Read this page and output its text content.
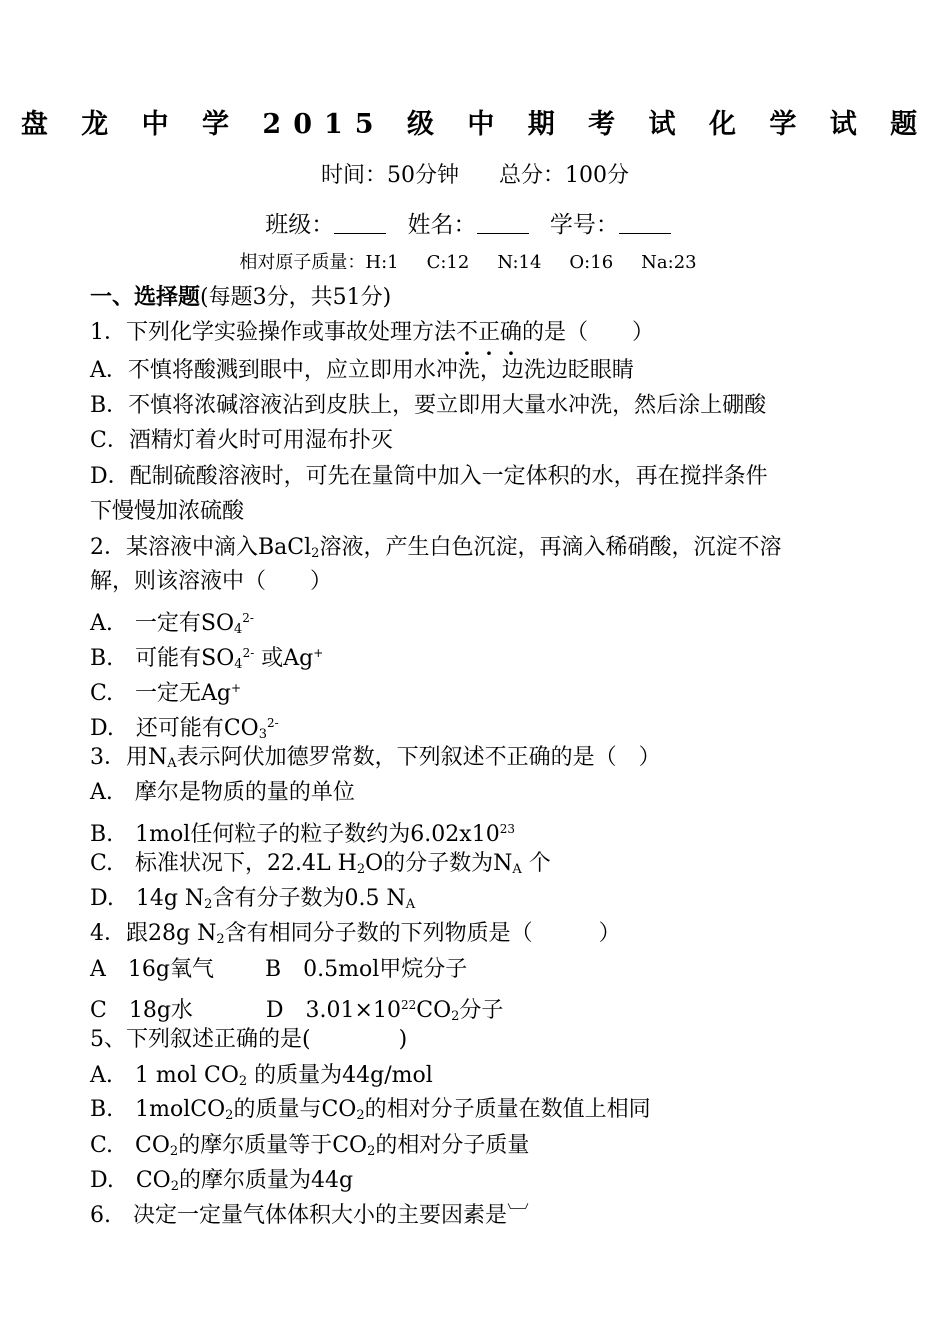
盘 龙 中 学 2015 级 中 期 考 试 化 学 试 题
时间：50分钟 总分：100分
班级：	姓名：	学号：
相对原子质量：H:1 C:12 N:14 O:16 Na:23
一、选择题(每题3分，共51分)
1．下列化学实验操作或事故处理方法不正确的是（　　）
A．不慎将酸溅到眼中，应立即用水冲洗，边洗边眨眼睛
B．不慎将浓碱溶液沾到皮肤上，要立即用大量水冲洗，然后涂上硼酸
C．酒精灯着火时可用湿布扑灭
D．配制硫酸溶液时，可先在量筒中加入一定体积的水，再在搅拌条件
下慢慢加浓硫酸
2．某溶液中滴入BaCl$_2$溶液，产生白色沉淀，再滴入稀硝酸，沉淀不溶
解，则该溶液中（　　）
A.　一定有$SO_4^{2-}$
B.　可能有$SO_4^{2-}$ 或Ag+
C.　一定无Ag+
D.　还可能有$CO_3^{2-}$
3．用$N_A$表示阿伏加德罗常数，下列叙述不正确的是（　）
A.　摩尔是物质的量的单位
B.　1mol任何粒子的粒子数约为$6.02x10^{23}$
C.　标准状况下，22.4L $H_2O$的分子数为$N_A$ 个
D.　14g $N_2$含有分子数为0.5 $N_A$
4．跟28g $N_2$含有相同分子数的下列物质是（　　　）
A　16g氧气　　 B　0.5mol甲烷分子
C　18g水　　　 D　$3.01\times 10^{22}CO_2$分子
5、下列叙述正确的是(　　　　)
A.　1 mol $CO_2$ 的质量为44g/mol
B.　1molCO$_2$的质量与$CO_2$的相对分子质量在数值上相同
C.　$CO_2$的摩尔质量等于$CO_2$的相对分子质量
D.　$CO_2$的摩尔质量为44g
6.　决定一定量气体体积大小的主要因素是︺
